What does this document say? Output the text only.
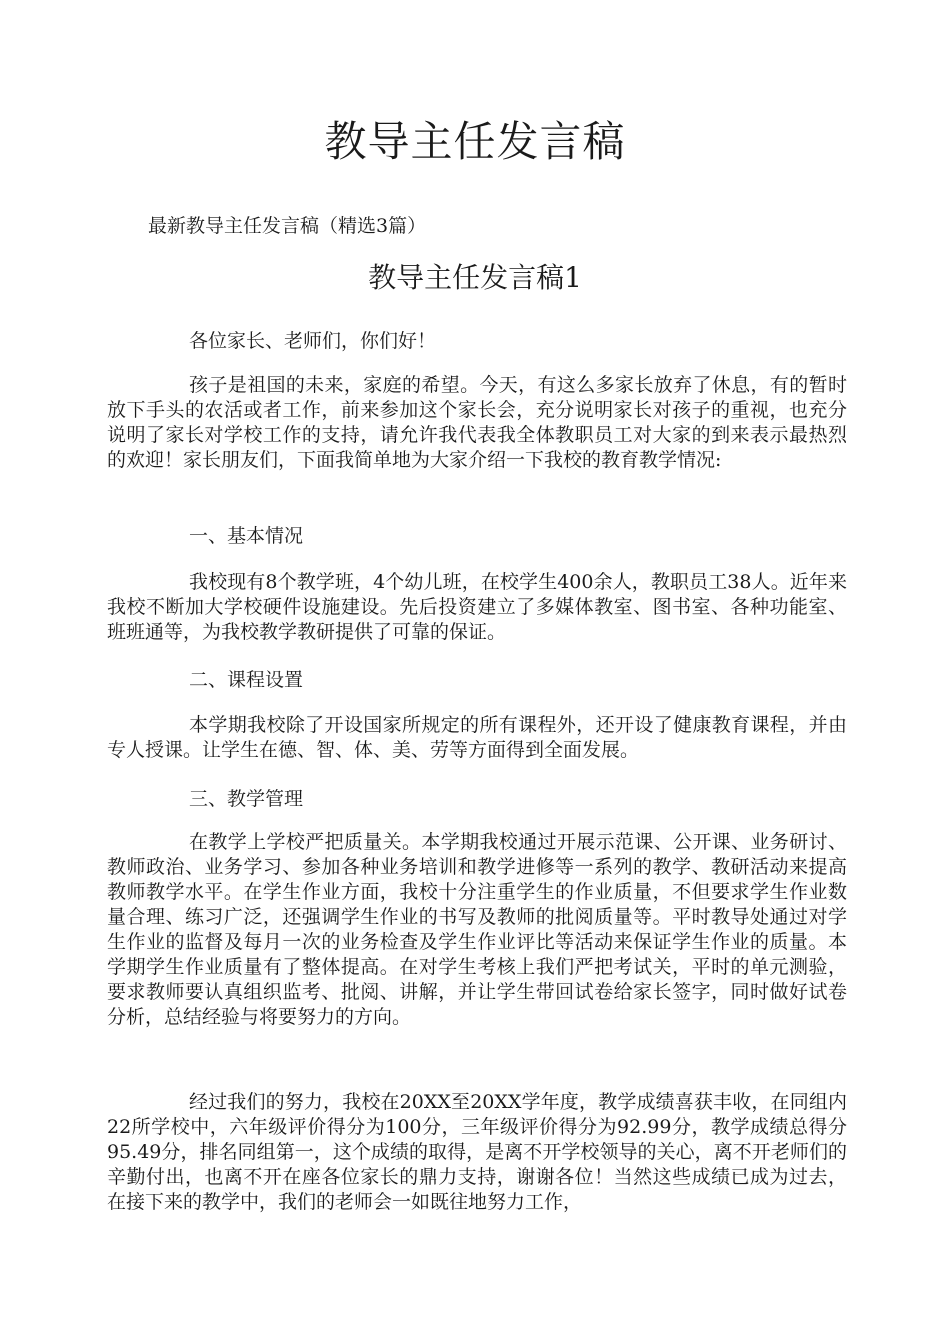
教导主任发言稿

最新教导主任发言稿（精选3篇）

教导主任发言稿1

各位家长、老师们，你们好！

孩子是祖国的未来，家庭的希望。今天，有这么多家长放弃了休息，有的暂时放下手头的农活或者工作，前来参加这个家长会，充分说明家长对孩子的重视，也充分说明了家长对学校工作的支持，请允许我代表我全体教职员工对大家的到来表示最热烈的欢迎！家长朋友们，下面我简单地为大家介绍一下我校的教育教学情况:

一、基本情况

我校现有8个教学班，4个幼儿班，在校学生400余人，教职员工38人。近年来我校不断加大学校硬件设施建设。先后投资建立了多媒体教室、图书室、各种功能室、班班通等，为我校教学教研提供了可靠的保证。

二、课程设置

本学期我校除了开设国家所规定的所有课程外，还开设了健康教育课程，并由专人授课。让学生在德、智、体、美、劳等方面得到全面发展。

三、教学管理

在教学上学校严把质量关。本学期我校通过开展示范课、公开课、业务研讨、教师政治、业务学习、参加各种业务培训和教学进修等一系列的教学、教研活动来提高教师教学水平。在学生作业方面，我校十分注重学生的作业质量，不但要求学生作业数量合理、练习广泛，还强调学生作业的书写及教师的批阅质量等。平时教导处通过对学生作业的监督及每月一次的业务检查及学生作业评比等活动来保证学生作业的质量。本学期学生作业质量有了整体提高。在对学生考核上我们严把考试关，平时的单元测验，要求教师要认真组织监考、批阅、讲解，并让学生带回试卷给家长签字，同时做好试卷分析，总结经验与将要努力的方向。

经过我们的努力，我校在20XX至20XX学年度，教学成绩喜获丰收，在同组内22所学校中，六年级评价得分为100分，三年级评价得分为92.99分，教学成绩总得分95.49分，排名同组第一，这个成绩的取得，是离不开学校领导的关心，离不开老师们的辛勤付出，也离不开在座各位家长的鼎力支持，谢谢各位！当然这些成绩已成为过去，在接下来的教学中，我们的老师会一如既往地努力工作，
